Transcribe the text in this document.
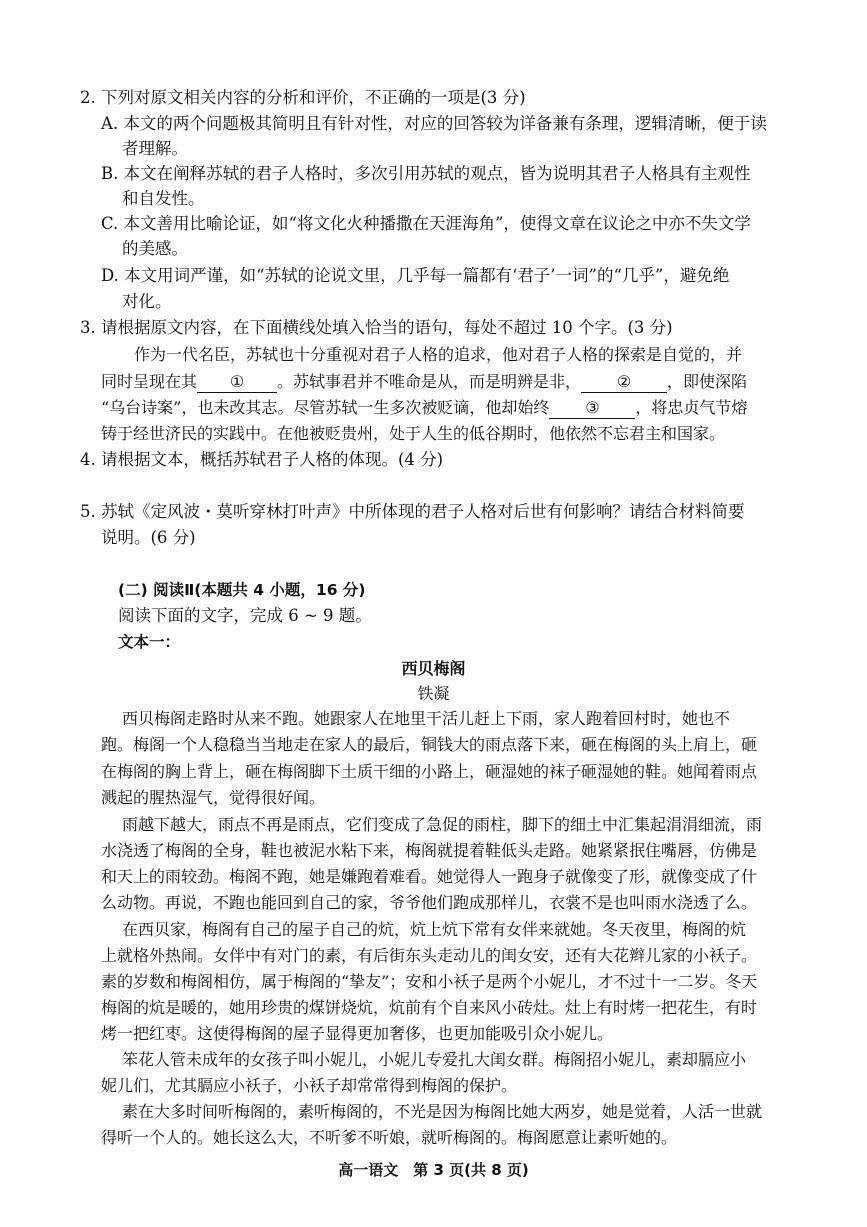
2. 下列对原文相关内容的分析和评价，不正确的一项是(3 分)
A. 本文的两个问题极其简明且有针对性，对应的回答较为详备兼有条理，逻辑清晰，便于读
者理解。
B. 本文在阐释苏轼的君子人格时，多次引用苏轼的观点，皆为说明其君子人格具有主观性
和自发性。
C. 本文善用比喻论证，如“将文化火种播撒在天涯海角”，使得文章在议论之中亦不失文学
的美感。
D. 本文用词严谨，如“苏轼的论说文里，几乎每一篇都有‘君子’一词”的“几乎”，避免绝
对化。
3. 请根据原文内容，在下面横线处填入恰当的语句，每处不超过 10 个字。(3 分)
作为一代名臣，苏轼也十分重视对君子人格的追求，他对君子人格的探索是自觉的，并
同时呈现在其 ① 。苏轼事君并不唯命是从，而是明辨是非， ② ，即使深陷
“乌台诗案”，也未改其志。尽管苏轼一生多次被贬谪，他却始终 ③ ，将忠贞气节熔
铸于经世济民的实践中。在他被贬贵州，处于人生的低谷期时，他依然不忘君主和国家。
4. 请根据文本，概括苏轼君子人格的体现。(4 分)
5. 苏轼《定风波・莫听穿林打叶声》中所体现的君子人格对后世有何影响？请结合材料简要
说明。(6 分)
(二) 阅读Ⅱ(本题共 4 小题，16 分)
阅读下面的文字，完成 6 ~ 9 题。
文本一：
西贝梅阁
铁凝
西贝梅阁走路时从来不跑。她跟家人在地里干活儿赶上下雨，家人跑着回村时，她也不
跑。梅阁一个人稳稳当当地走在家人的最后，铜钱大的雨点落下来，砸在梅阁的头上肩上，砸
在梅阁的胸上背上，砸在梅阁脚下土质干细的小路上，砸湿她的袜子砸湿她的鞋。她闻着雨点
溅起的腥热湿气，觉得很好闻。
雨越下越大，雨点不再是雨点，它们变成了急促的雨柱，脚下的细土中汇集起涓涓细流，雨
水浇透了梅阁的全身，鞋也被泥水粘下来，梅阁就提着鞋低头走路。她紧紧抿住嘴唇，仿佛是
和天上的雨较劲。梅阁不跑，她是嫌跑着难看。她觉得人一跑身子就像变了形，就像变成了什
么动物。再说，不跑也能回到自己的家，爷爷他们跑成那样儿，衣裳不是也叫雨水浇透了么。
在西贝家，梅阁有自己的屋子自己的炕，炕上炕下常有女伴来就她。冬天夜里，梅阁的炕
上就格外热闹。女伴中有对门的素，有后街东头走动儿的闺女安，还有大花辫儿家的小袄子。
素的岁数和梅阁相仿，属于梅阁的“挚友”；安和小袄子是两个小妮儿，才不过十一二岁。冬天
梅阁的炕是暖的，她用珍贵的煤饼烧炕，炕前有个自来风小砖灶。灶上有时烤一把花生，有时
烤一把红枣。这使得梅阁的屋子显得更加奢侈，也更加能吸引众小妮儿。
笨花人管未成年的女孩子叫小妮儿，小妮儿专爱扎大闺女群。梅阁招小妮儿，素却膈应小
妮儿们，尤其膈应小袄子，小袄子却常常得到梅阁的保护。
素在大多时间听梅阁的，素听梅阁的，不光是因为梅阁比她大两岁，她是觉着，人活一世就
得听一个人的。她长这么大，不听爹不听娘，就听梅阁的。梅阁愿意让素听她的。
高一语文　第 3 页(共 8 页)
